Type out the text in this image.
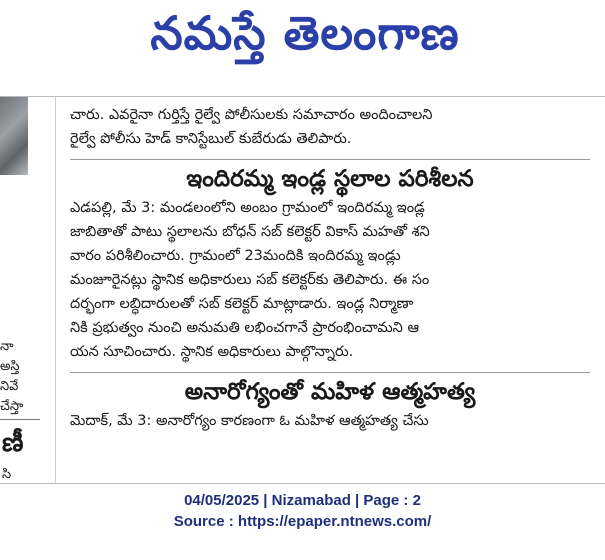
నమస్తే తెలంగాణ
నా
అస్తి
నివే
చేస్తా
ణీ
సి
చారు. ఎవరైనా గుర్తిస్తే రైల్వే పోలీసులకు సమాచారం అందించాలని
రైల్వే పోలీసు హెడ్ కానిస్టేబుల్ కుబేరుడు తెలిపారు.
ఇందిరమ్మ ఇండ్ల స్థలాల పరిశీలన
ఎడపల్లి, మే 3: మండలంలోని అంబం గ్రామంలో ఇందిరమ్మ ఇండ్ల
జాబితాతో పాటు స్థలాలను బోధన్ సబ్ కలెక్టర్ వికాస్ మహతో శని
వారం పరిశీలించారు. గ్రామంలో 23మందికి ఇందిరమ్మ ఇండ్లు
మంజూరైనట్లు స్థానిక అధికారులు సబ్ కలెక్టర్‌కు తెలిపారు. ఈ సం
దర్భంగా లబ్ధిదారులతో సబ్ కలెక్టర్ మాట్లాడారు. ఇండ్ల నిర్మాణా
నికి ప్రభుత్వం నుంచి అనుమతి లభించగానే ప్రారంభించామని ఆ
యన సూచించారు. స్థానిక అధికారులు పాల్గొన్నారు.
అనారోగ్యంతో మహిళ ఆత్మహత్య
మెదాక్, మే 3: అనారోగ్యం కారణంగా ఓ మహిళ ఆత్మహత్య చేసు
04/05/2025 | Nizamabad | Page : 2
Source : https://epaper.ntnews.com/
